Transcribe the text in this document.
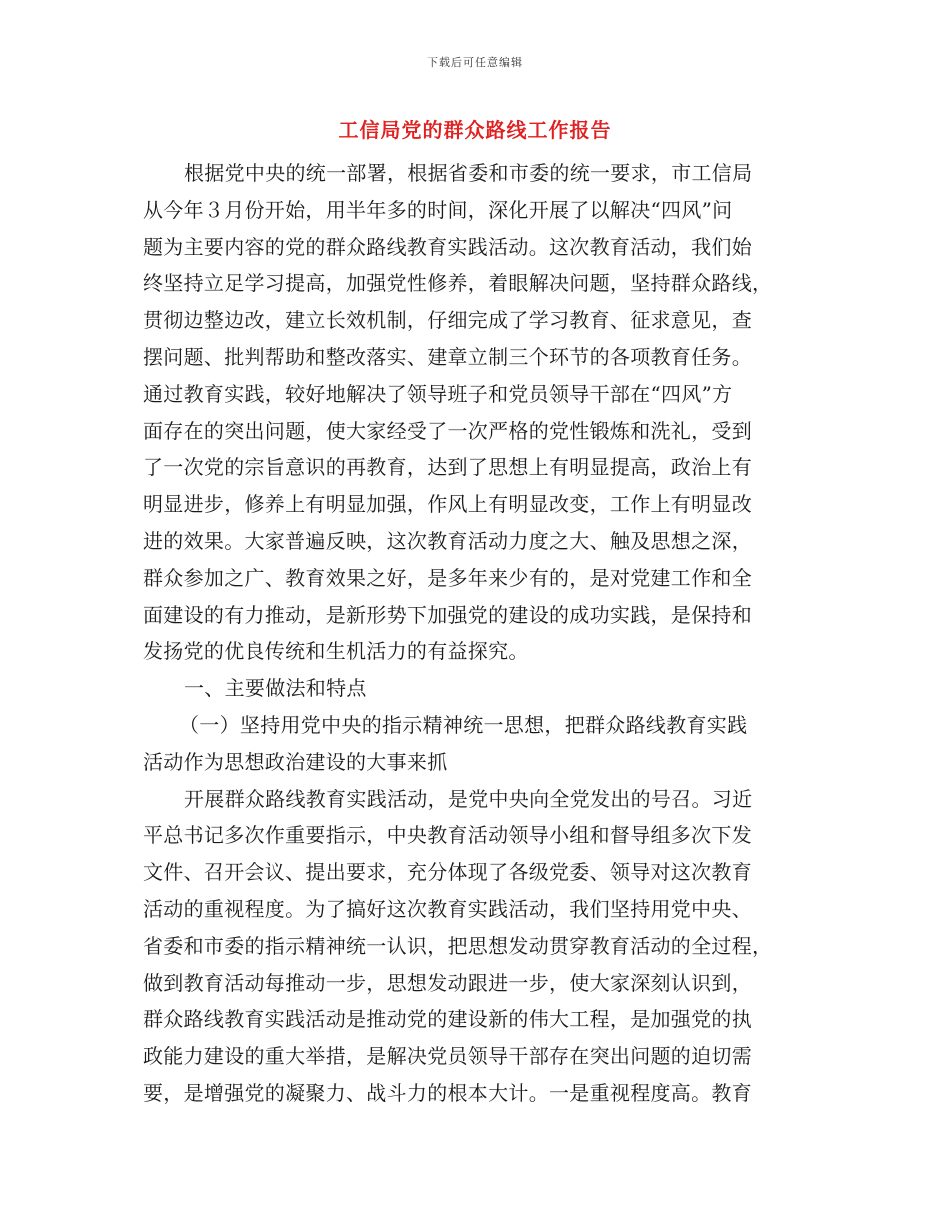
下载后可任意编辑
工信局党的群众路线工作报告
根据党中央的统一部署，根据省委和市委的统一要求，市工信局
从今年３月份开始，用半年多的时间，深化开展了以解决“四风”问
题为主要内容的党的群众路线教育实践活动。这次教育活动，我们始
终坚持立足学习提高，加强党性修养，着眼解决问题，坚持群众路线，
贯彻边整边改，建立长效机制，仔细完成了学习教育、征求意见，查
摆问题、批判帮助和整改落实、建章立制三个环节的各项教育任务。
通过教育实践，较好地解决了领导班子和党员领导干部在“四风”方
面存在的突出问题，使大家经受了一次严格的党性锻炼和洗礼，受到
了一次党的宗旨意识的再教育，达到了思想上有明显提高，政治上有
明显进步，修养上有明显加强，作风上有明显改变，工作上有明显改
进的效果。大家普遍反映，这次教育活动力度之大、触及思想之深，
群众参加之广、教育效果之好，是多年来少有的，是对党建工作和全
面建设的有力推动，是新形势下加强党的建设的成功实践，是保持和
发扬党的优良传统和生机活力的有益探究。
一、主要做法和特点
（一）坚持用党中央的指示精神统一思想，把群众路线教育实践
活动作为思想政治建设的大事来抓
开展群众路线教育实践活动，是党中央向全党发出的号召。习近
平总书记多次作重要指示，中央教育活动领导小组和督导组多次下发
文件、召开会议、提出要求，充分体现了各级党委、领导对这次教育
活动的重视程度。为了搞好这次教育实践活动，我们坚持用党中央、
省委和市委的指示精神统一认识，把思想发动贯穿教育活动的全过程，
做到教育活动每推动一步，思想发动跟进一步，使大家深刻认识到，
群众路线教育实践活动是推动党的建设新的伟大工程，是加强党的执
政能力建设的重大举措，是解决党员领导干部存在突出问题的迫切需
要，是增强党的凝聚力、战斗力的根本大计。一是重视程度高。教育
